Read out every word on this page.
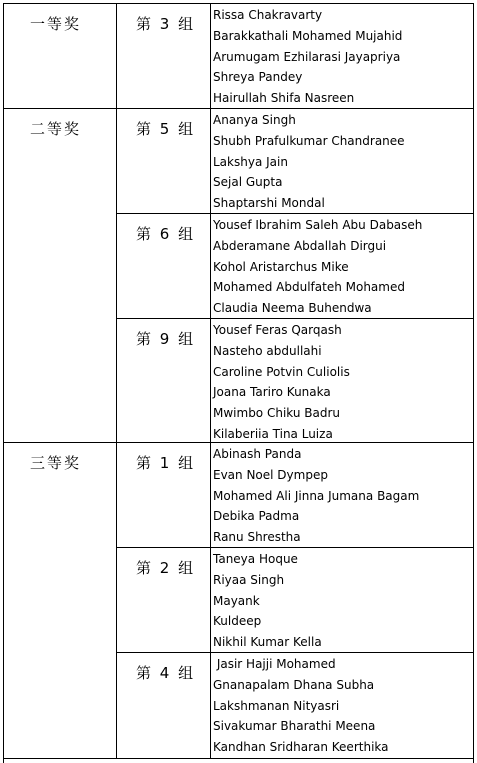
一等奖	第 3 组 Rissa Chakravarty
Barakkathali Mohamed Mujahid
Arumugam Ezhilarasi Jayapriya
Shreya Pandey
Hairullah Shifa Nasreen
二等奖	第 5 组 Ananya Singh
Shubh Prafulkumar Chandranee
Lakshya Jain
Sejal Gupta
Shaptarshi Mondal
第 6 组 Yousef Ibrahim Saleh Abu Dabaseh
Abderamane Abdallah Dirgui
Kohol Aristarchus Mike
Mohamed Abdulfateh Mohamed
Claudia Neema Buhendwa
第 9 组 Yousef Feras Qarqash
Nasteho abdullahi
Caroline Potvin Culiolis
Joana Tariro Kunaka
Mwimbo Chiku Badru
Kilaberiia Tina Luiza
三等奖	第 1 组 Abinash Panda
Evan Noel Dympep
Mohamed Ali Jinna Jumana Bagam
Debika Padma
Ranu Shrestha
第 2 组 Taneya Hoque
Riyaa Singh
Mayank
Kuldeep
Nikhil Kumar Kella
第 4 组 Jasir Hajji Mohamed
Gnanapalam Dhana Subha
Lakshmanan Nityasri
Sivakumar Bharathi Meena
Kandhan Sridharan Keerthika
